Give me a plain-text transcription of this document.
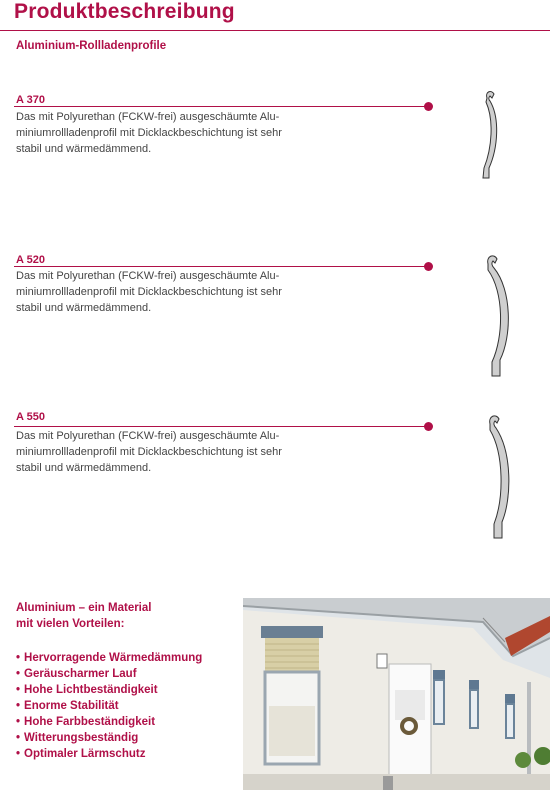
Produktbeschreibung
Aluminium-Rollladenprofile
A 370
Das mit Polyurethan (FCKW-frei) ausgeschäumte Alu-
miniumrollladenprofil mit Dicklackbeschichtung ist sehr
stabil und wärmedämmend.
A 520
Das mit Polyurethan (FCKW-frei) ausgeschäumte Alu-
miniumrollladenprofil mit Dicklackbeschichtung ist sehr
stabil und wärmedämmend.
A 550
Das mit Polyurethan (FCKW-frei) ausgeschäumte Alu-
miniumrollladenprofil mit Dicklackbeschichtung ist sehr
stabil und wärmedämmend.
Aluminium – ein Material
mit vielen Vorteilen:
• Hervorragende Wärmedämmung
• Geräuscharmer Lauf
• Hohe Lichtbeständigkeit
• Enorme Stabilität
• Hohe Farbbeständigkeit
• Witterungsbeständig
• Optimaler Lärmschutz
